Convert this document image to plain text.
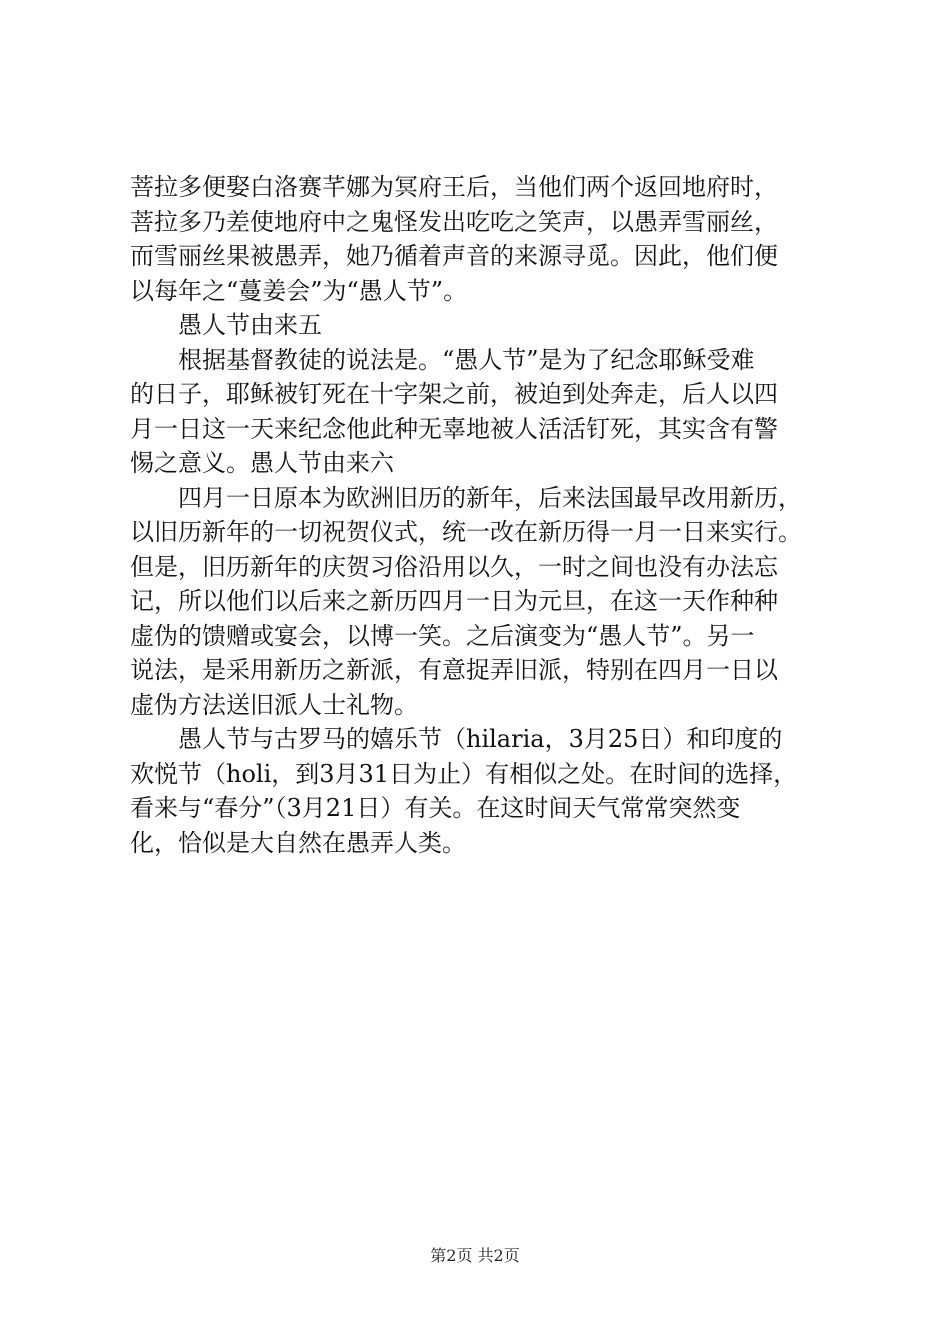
菩拉多便娶白洛赛芊娜为冥府王后，当他们两个返回地府时，
菩拉多乃差使地府中之鬼怪发出吃吃之笑声，以愚弄雪丽丝，
而雪丽丝果被愚弄，她乃循着声音的来源寻觅。因此，他们便
以每年之“蔓姜会”为“愚人节”。
愚人节由来五
根据基督教徒的说法是。“愚人节”是为了纪念耶稣受难
的日子，耶稣被钉死在十字架之前，被迫到处奔走，后人以四
月一日这一天来纪念他此种无辜地被人活活钉死，其实含有警
惕之意义。愚人节由来六
四月一日原本为欧洲旧历的新年，后来法国最早改用新历，
以旧历新年的一切祝贺仪式，统一改在新历得一月一日来实行。
但是，旧历新年的庆贺习俗沿用以久，一时之间也没有办法忘
记，所以他们以后来之新历四月一日为元旦，在这一天作种种
虚伪的馈赠或宴会，以博一笑。之后演变为“愚人节”。另一
说法，是采用新历之新派，有意捉弄旧派，特别在四月一日以
虚伪方法送旧派人士礼物。
愚人节与古罗马的嬉乐节（hilaria，3月25日）和印度的
欢悦节（holi，到3月31日为止）有相似之处。在时间的选择，
看来与“春分”（3月21日）有关。在这时间天气常常突然变
化，恰似是大自然在愚弄人类。
第2页 共2页
